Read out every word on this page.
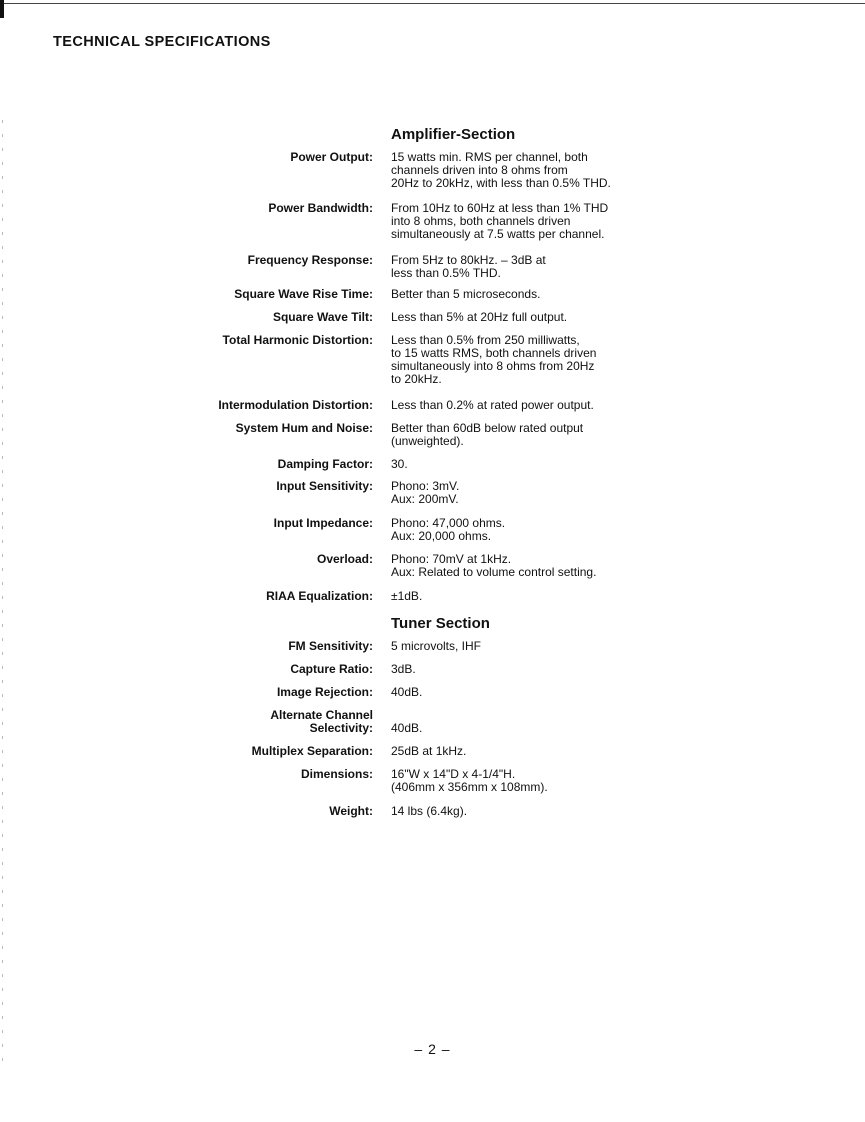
TECHNICAL SPECIFICATIONS
Amplifier-Section
Power Output: 15 watts min. RMS per channel, both
channels driven into 8 ohms from
20Hz to 20kHz, with less than 0.5% THD.
Power Bandwidth: From 10Hz to 60Hz at less than 1% THD
into 8 ohms, both channels driven
simultaneously at 7.5 watts per channel.
Frequency Response: From 5Hz to 80kHz. – 3dB at
less than 0.5% THD.
Square Wave Rise Time: Better than 5 microseconds.
Square Wave Tilt: Less than 5% at 20Hz full output.
Total Harmonic Distortion: Less than 0.5% from 250 milliwatts,
to 15 watts RMS, both channels driven
simultaneously into 8 ohms from 20Hz
to 20kHz.
Intermodulation Distortion: Less than 0.2% at rated power output.
System Hum and Noise: Better than 60dB below rated output
(unweighted).
Damping Factor: 30.
Input Sensitivity: Phono: 3mV.
Aux: 200mV.
Input Impedance: Phono: 47,000 ohms.
Aux: 20,000 ohms.
Overload: Phono: 70mV at 1kHz.
Aux: Related to volume control setting.
RIAA Equalization: ±1dB.
Tuner Section
FM Sensitivity: 5 microvolts, IHF
Capture Ratio: 3dB.
Image Rejection: 40dB.
Alternate Channel
Selectivity: 40dB.
Multiplex Separation: 25dB at 1kHz.
Dimensions: 16"W x 14"D x 4-1/4"H.
(406mm x 356mm x 108mm).
Weight: 14 lbs (6.4kg).
– 2 –
